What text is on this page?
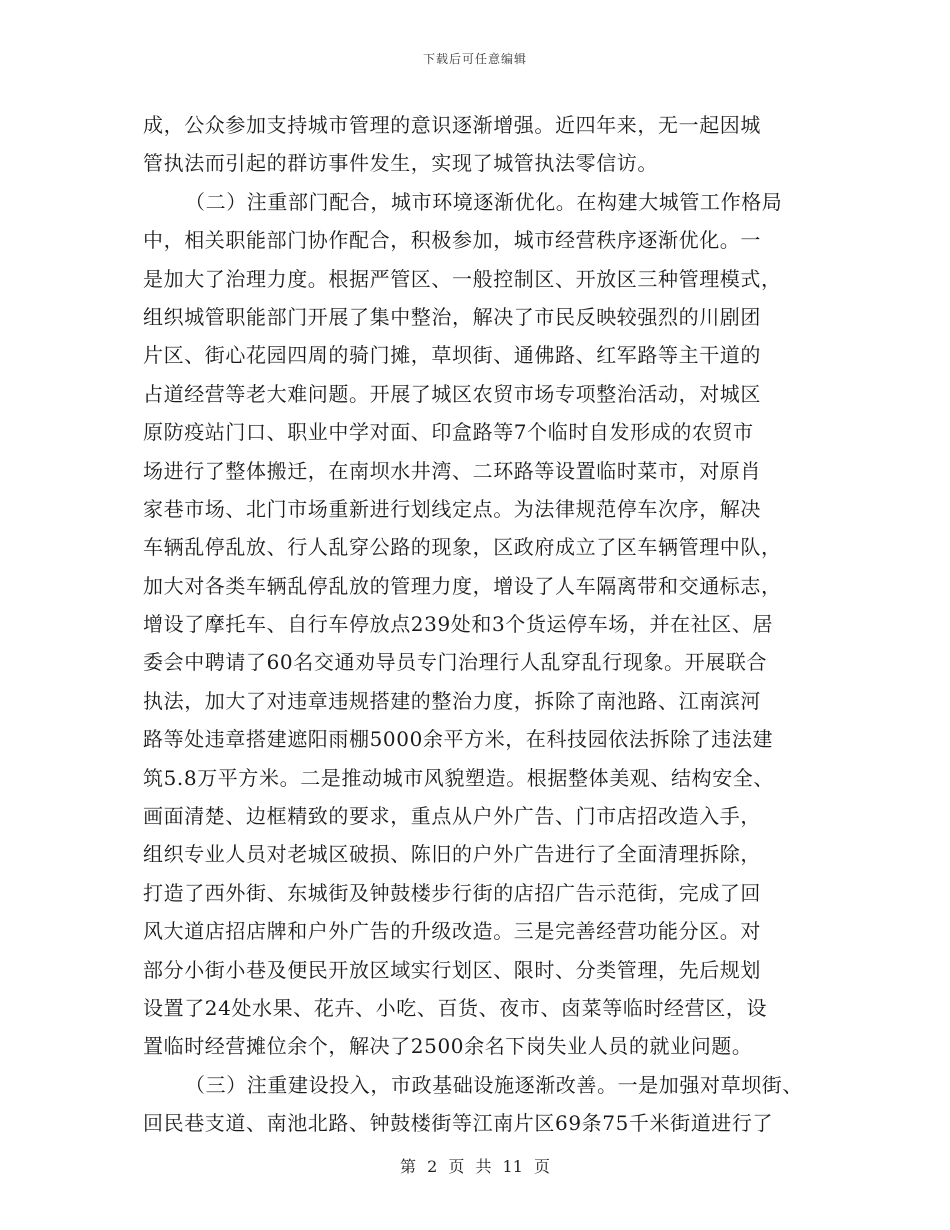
下载后可任意编辑
成，公众参加支持城市管理的意识逐渐增强。近四年来，无一起因城
管执法而引起的群访事件发生，实现了城管执法零信访。
（二）注重部门配合，城市环境逐渐优化。在构建大城管工作格局
中，相关职能部门协作配合，积极参加，城市经营秩序逐渐优化。一
是加大了治理力度。根据严管区、一般控制区、开放区三种管理模式，
组织城管职能部门开展了集中整治，解决了市民反映较强烈的川剧团
片区、街心花园四周的骑门摊，草坝街、通佛路、红军路等主干道的
占道经营等老大难问题。开展了城区农贸市场专项整治活动，对城区
原防疫站门口、职业中学对面、印盒路等7个临时自发形成的农贸市
场进行了整体搬迁，在南坝水井湾、二环路等设置临时菜市，对原肖
家巷市场、北门市场重新进行划线定点。为法律规范停车次序，解决
车辆乱停乱放、行人乱穿公路的现象，区政府成立了区车辆管理中队，
加大对各类车辆乱停乱放的管理力度，增设了人车隔离带和交通标志，
增设了摩托车、自行车停放点239处和3个货运停车场，并在社区、居
委会中聘请了60名交通劝导员专门治理行人乱穿乱行现象。开展联合
执法，加大了对违章违规搭建的整治力度，拆除了南池路、江南滨河
路等处违章搭建遮阳雨棚5000余平方米，在科技园依法拆除了违法建
筑5.8万平方米。二是推动城市风貌塑造。根据整体美观、结构安全、
画面清楚、边框精致的要求，重点从户外广告、门市店招改造入手，
组织专业人员对老城区破损、陈旧的户外广告进行了全面清理拆除，
打造了西外街、东城街及钟鼓楼步行街的店招广告示范街，完成了回
风大道店招店牌和户外广告的升级改造。三是完善经营功能分区。对
部分小街小巷及便民开放区域实行划区、限时、分类管理，先后规划
设置了24处水果、花卉、小吃、百货、夜市、卤菜等临时经营区，设
置临时经营摊位余个，解决了2500余名下岗失业人员的就业问题。
（三）注重建设投入，市政基础设施逐渐改善。一是加强对草坝街、
回民巷支道、南池北路、钟鼓楼街等江南片区69条75千米街道进行了
第 2 页 共 11 页
